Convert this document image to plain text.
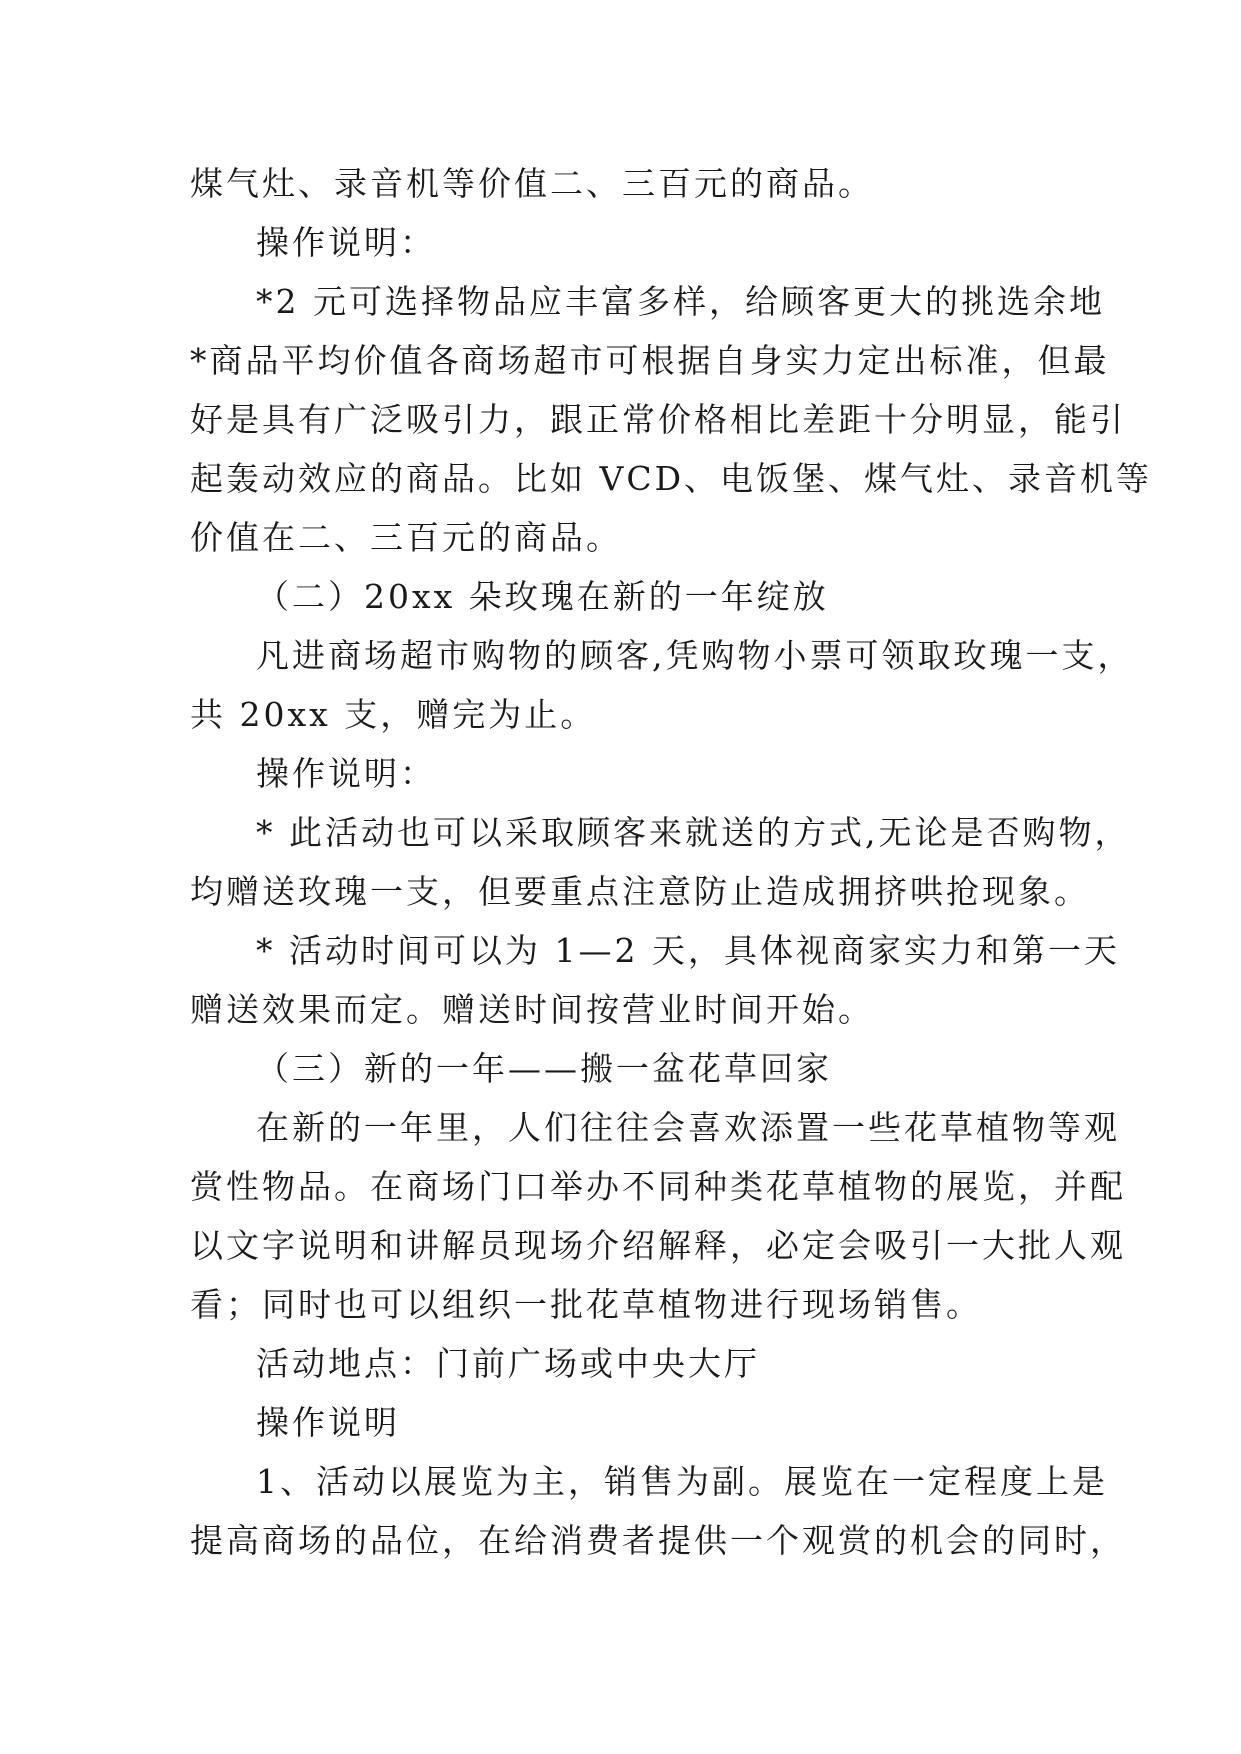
煤气灶、录音机等价值二、三百元的商品。
操作说明：
*2 元可选择物品应丰富多样，给顾客更大的挑选余地
*商品平均价值各商场超市可根据自身实力定出标准，但最
好是具有广泛吸引力，跟正常价格相比差距十分明显，能引
起轰动效应的商品。比如 VCD、电饭堡、煤气灶、录音机等
价值在二、三百元的商品。
（二）20xx 朵玫瑰在新的一年绽放
凡进商场超市购物的顾客,凭购物小票可领取玫瑰一支，
共 20xx 支，赠完为止。
操作说明：
* 此活动也可以采取顾客来就送的方式,无论是否购物，
均赠送玫瑰一支，但要重点注意防止造成拥挤哄抢现象。
* 活动时间可以为 1—2 天，具体视商家实力和第一天
赠送效果而定。赠送时间按营业时间开始。
（三）新的一年——搬一盆花草回家
在新的一年里，人们往往会喜欢添置一些花草植物等观
赏性物品。在商场门口举办不同种类花草植物的展览，并配
以文字说明和讲解员现场介绍解释，必定会吸引一大批人观
看；同时也可以组织一批花草植物进行现场销售。
活动地点：门前广场或中央大厅
操作说明
1、活动以展览为主，销售为副。展览在一定程度上是
提高商场的品位，在给消费者提供一个观赏的机会的同时，
